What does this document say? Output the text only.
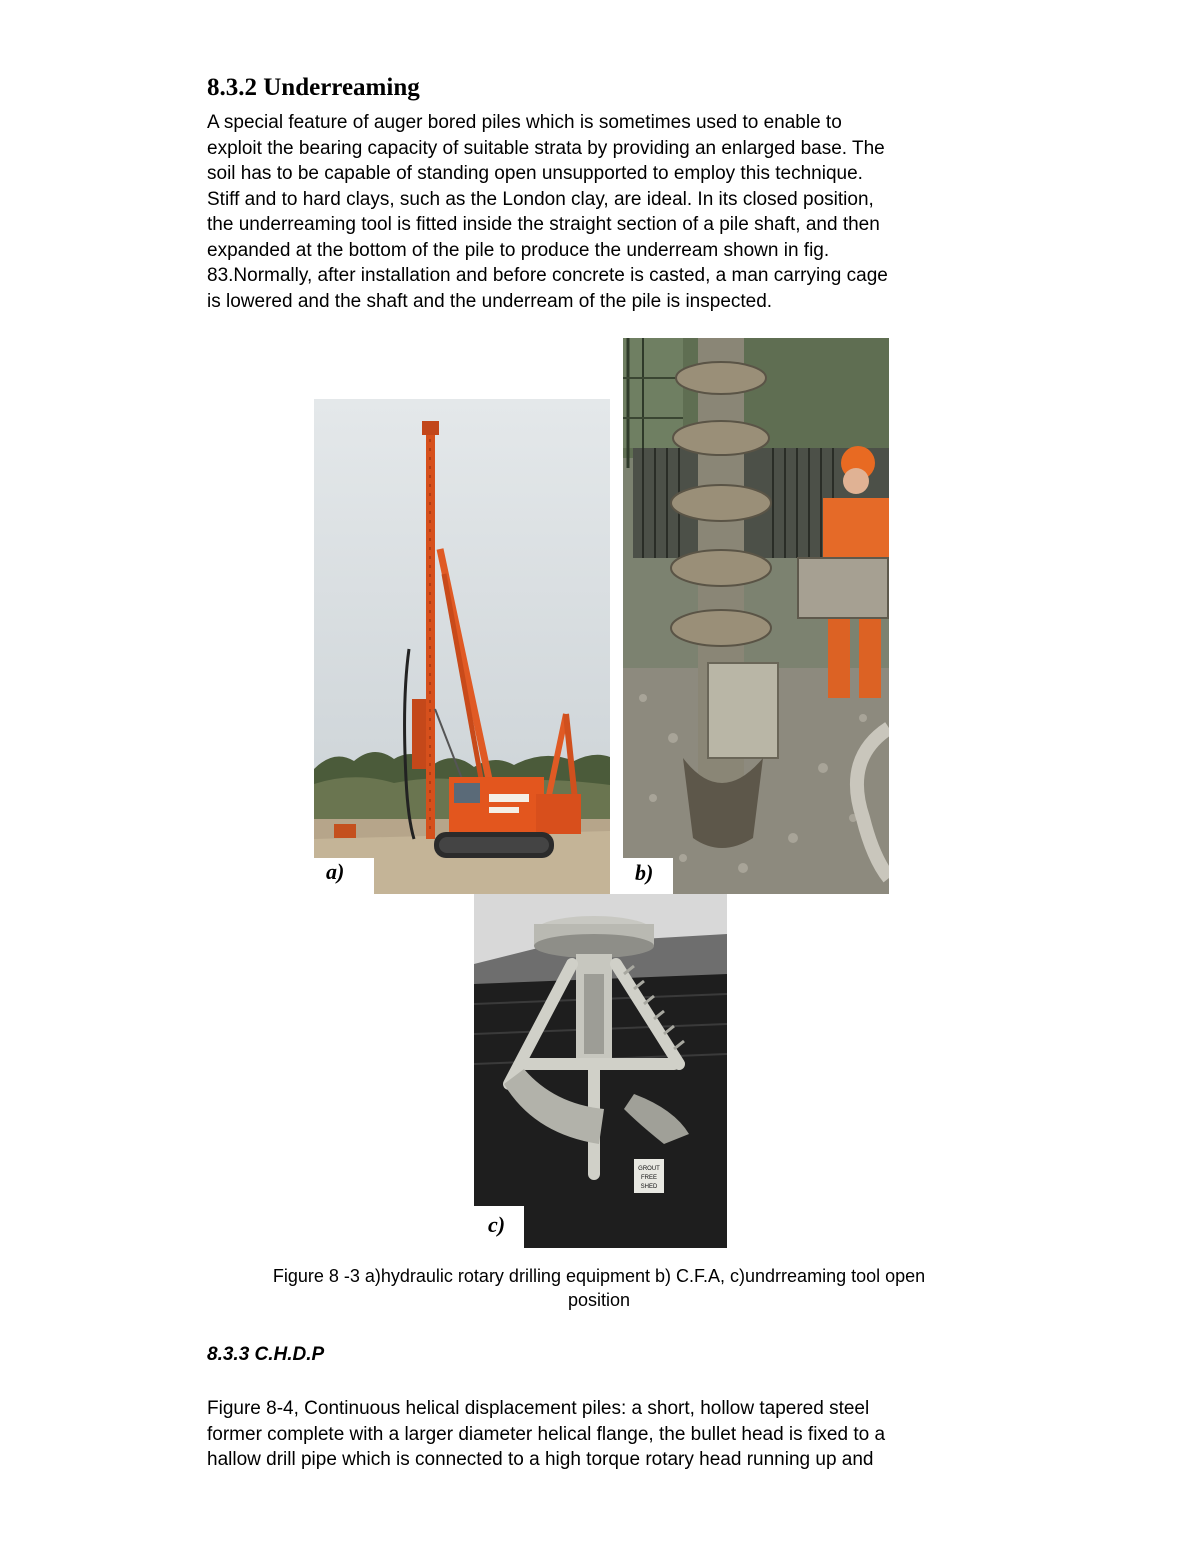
8.3.2 Underreaming
A special feature of auger bored piles which is sometimes used to enable to
exploit the bearing capacity of suitable strata by providing an enlarged base. The
soil has to be capable of standing open unsupported to employ this technique.
Stiff and to hard clays, such as the London clay, are ideal. In its closed position,
the underreaming tool is fitted inside the straight section of a pile shaft, and then
expanded at the bottom of the pile to produce the underream shown in fig.
83.Normally, after installation and before concrete is casted, a man carrying cage
is lowered and the shaft and the underream of the pile is inspected.
a)	b)
GROUT
FREE
SHED
c)
Figure 8 -3 a)hydraulic rotary drilling equipment b) C.F.A, c)undrreaming tool open
position
8.3.3 C.H.D.P
Figure 8-4, Continuous helical displacement piles: a short, hollow tapered steel
former complete with a larger diameter helical flange, the bullet head is fixed to a
hallow drill pipe which is connected to a high torque rotary head running up and
